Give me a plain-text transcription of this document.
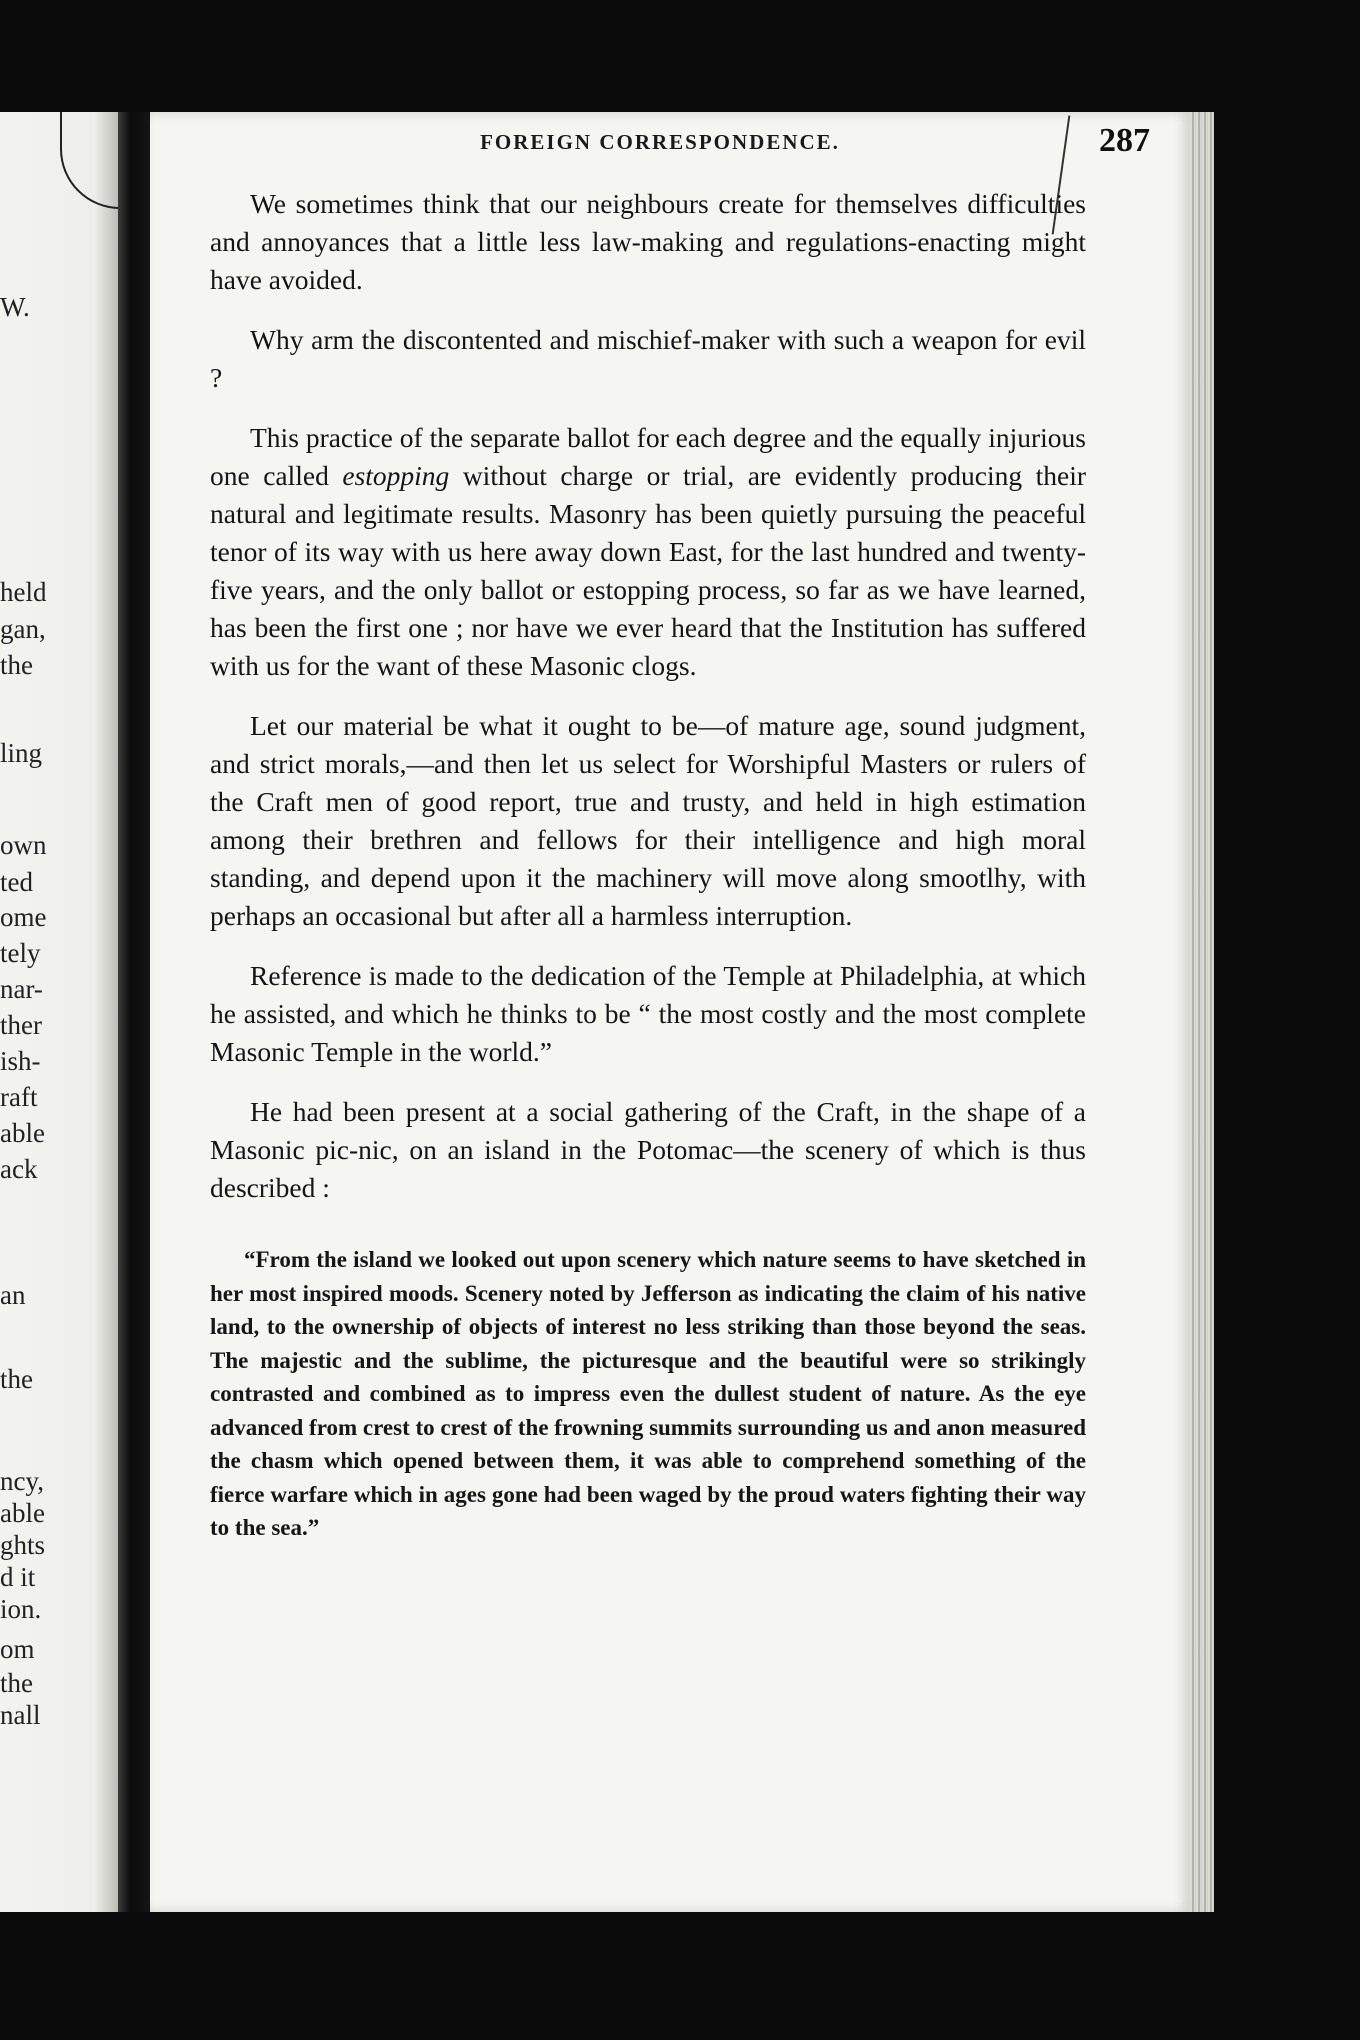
W.
held
gan,
the
ling
own
ted
ome
tely
nar-
ther
ish-
raft
able
ack
an
the
ncy,
able
ghts
d it
ion.
om
the
nall
FOREIGN CORRESPONDENCE.	287

We sometimes think that our neighbours create for themselves difficulties and annoyances that a little less law-making and regulations-enacting might have avoided.

Why arm the discontented and mischief-maker with such a weapon for evil ?

This practice of the separate ballot for each degree and the equally injurious one called estopping without charge or trial, are evidently producing their natural and legitimate results. Masonry has been quietly pursuing the peaceful tenor of its way with us here away down East, for the last hundred and twenty-five years, and the only ballot or estopping process, so far as we have learned, has been the first one ; nor have we ever heard that the Institution has suffered with us for the want of these Masonic clogs.

Let our material be what it ought to be—of mature age, sound judgment, and strict morals,—and then let us select for Worshipful Masters or rulers of the Craft men of good report, true and trusty, and held in high estimation among their brethren and fellows for their intelligence and high moral standing, and depend upon it the machinery will move along smootlhy, with perhaps an occasional but after all a harmless interruption.

Reference is made to the dedication of the Temple at Philadelphia, at which he assisted, and which he thinks to be “ the most costly and the most complete Masonic Temple in the world.”

He had been present at a social gathering of the Craft, in the shape of a Masonic pic-nic, on an island in the Potomac—the scenery of which is thus described :

“From the island we looked out upon scenery which nature seems to have sketched in her most inspired moods. Scenery noted by Jefferson as indicating the claim of his native land, to the ownership of objects of interest no less striking than those beyond the seas. The majestic and the sublime, the picturesque and the beautiful were so strikingly contrasted and combined as to impress even the dullest student of nature. As the eye advanced from crest to crest of the frowning summits surrounding us and anon measured the chasm which opened between them, it was able to comprehend something of the fierce warfare which in ages gone had been waged by the proud waters fighting their way to the sea.”
